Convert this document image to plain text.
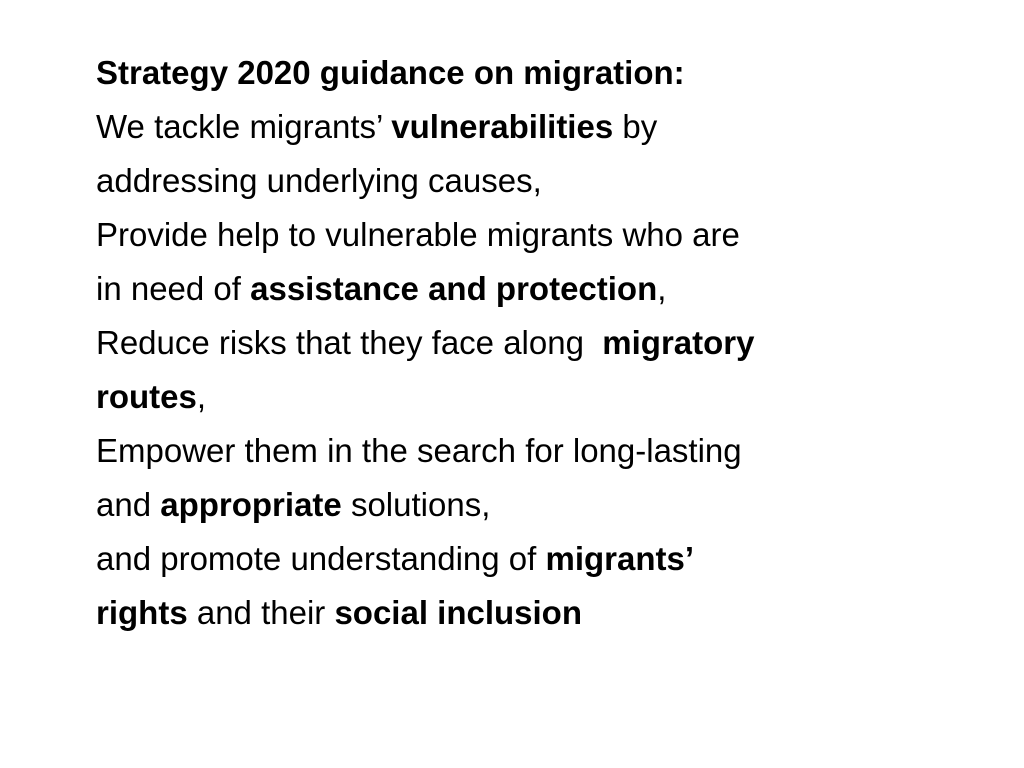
Strategy 2020 guidance on migration:
We tackle migrants’ vulnerabilities by
addressing underlying causes,
Provide help to vulnerable migrants who are
in need of assistance and protection,
Reduce risks that they face along  migratory
routes,
Empower them in the search for long-lasting
and appropriate solutions,
and promote understanding of migrants’
rights and their social inclusion
